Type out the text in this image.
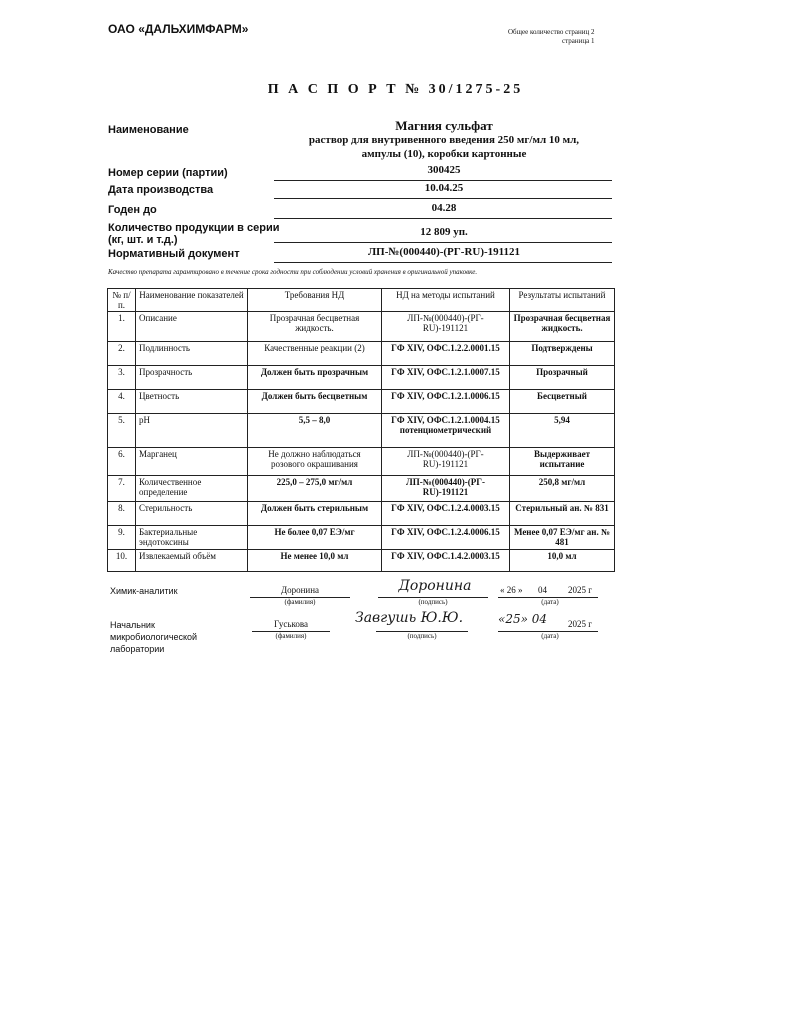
ОАО «ДАЛЬХИМФАРМ»	Общее количество страниц 2
страница 1
П А С П О Р Т № 30/1275-25
Наименование	Магния сульфат
раствор для внутривенного введения 250 мг/мл 10 мл,
ампулы (10), коробки картонные
Номер серии (партии)	300425
Дата производства	10.04.25
Годен до	04.28
Количество продукции в серии
(кг, шт. и т.д.)
12 809 уп.
Нормативный документ	ЛП-№(000440)-(РГ-RU)-191121
Качество препарата гарантировано в течение срока годности при соблюдении условий хранения в оригинальной упаковке.
№ п/п.	Наименование показателей	Требования НД	НД на методы испытаний	Результаты испытаний
1.	Описание	Прозрачная бесцветная жидкость.	ЛП-№(000440)-(РГ-RU)-191121	Прозрачная бесцветная жидкость.
2.	Подлинность	Качественные реакции (2)	ГФ XIV, ОФС.1.2.2.0001.15	Подтверждены
3.	Прозрачность	Должен быть прозрачным	ГФ XIV, ОФС.1.2.1.0007.15	Прозрачный
4.	Цветность	Должен быть бесцветным	ГФ XIV, ОФС.1.2.1.0006.15	Бесцветный
5.	pH	5,5 – 8,0	ГФ XIV, ОФС.1.2.1.0004.15 потенциометрический	5,94
6.	Марганец	Не должно наблюдаться розового окрашивания	ЛП-№(000440)-(РГ-RU)-191121	Выдерживает испытание
7.	Количественное определение	225,0 – 275,0 мг/мл	ЛП-№(000440)-(РГ-RU)-191121	250,8 мг/мл
8.	Стерильность	Должен быть стерильным	ГФ XIV, ОФС.1.2.4.0003.15	Стерильный ан. № 831
9.	Бактериальные эндотоксины	Не более 0,07 ЕЭ/мг	ГФ XIV, ОФС.1.2.4.0006.15	Менее 0,07 ЕЭ/мг ан. № 481
10.	Извлекаемый объём	Не менее 10,0 мл	ГФ XIV, ОФС.1.4.2.0003.15	10,0 мл
Химик-аналитик	Доронина
(фамилия)
Доронина
(подпись)
« 26 » 04 2025 г
(дата)
Начальник
микробиологической
лаборатории
Гуськова
(фамилия)
Завгушь Ю.Ю.
(подпись)
«25» 04 2025 г
(дата)
